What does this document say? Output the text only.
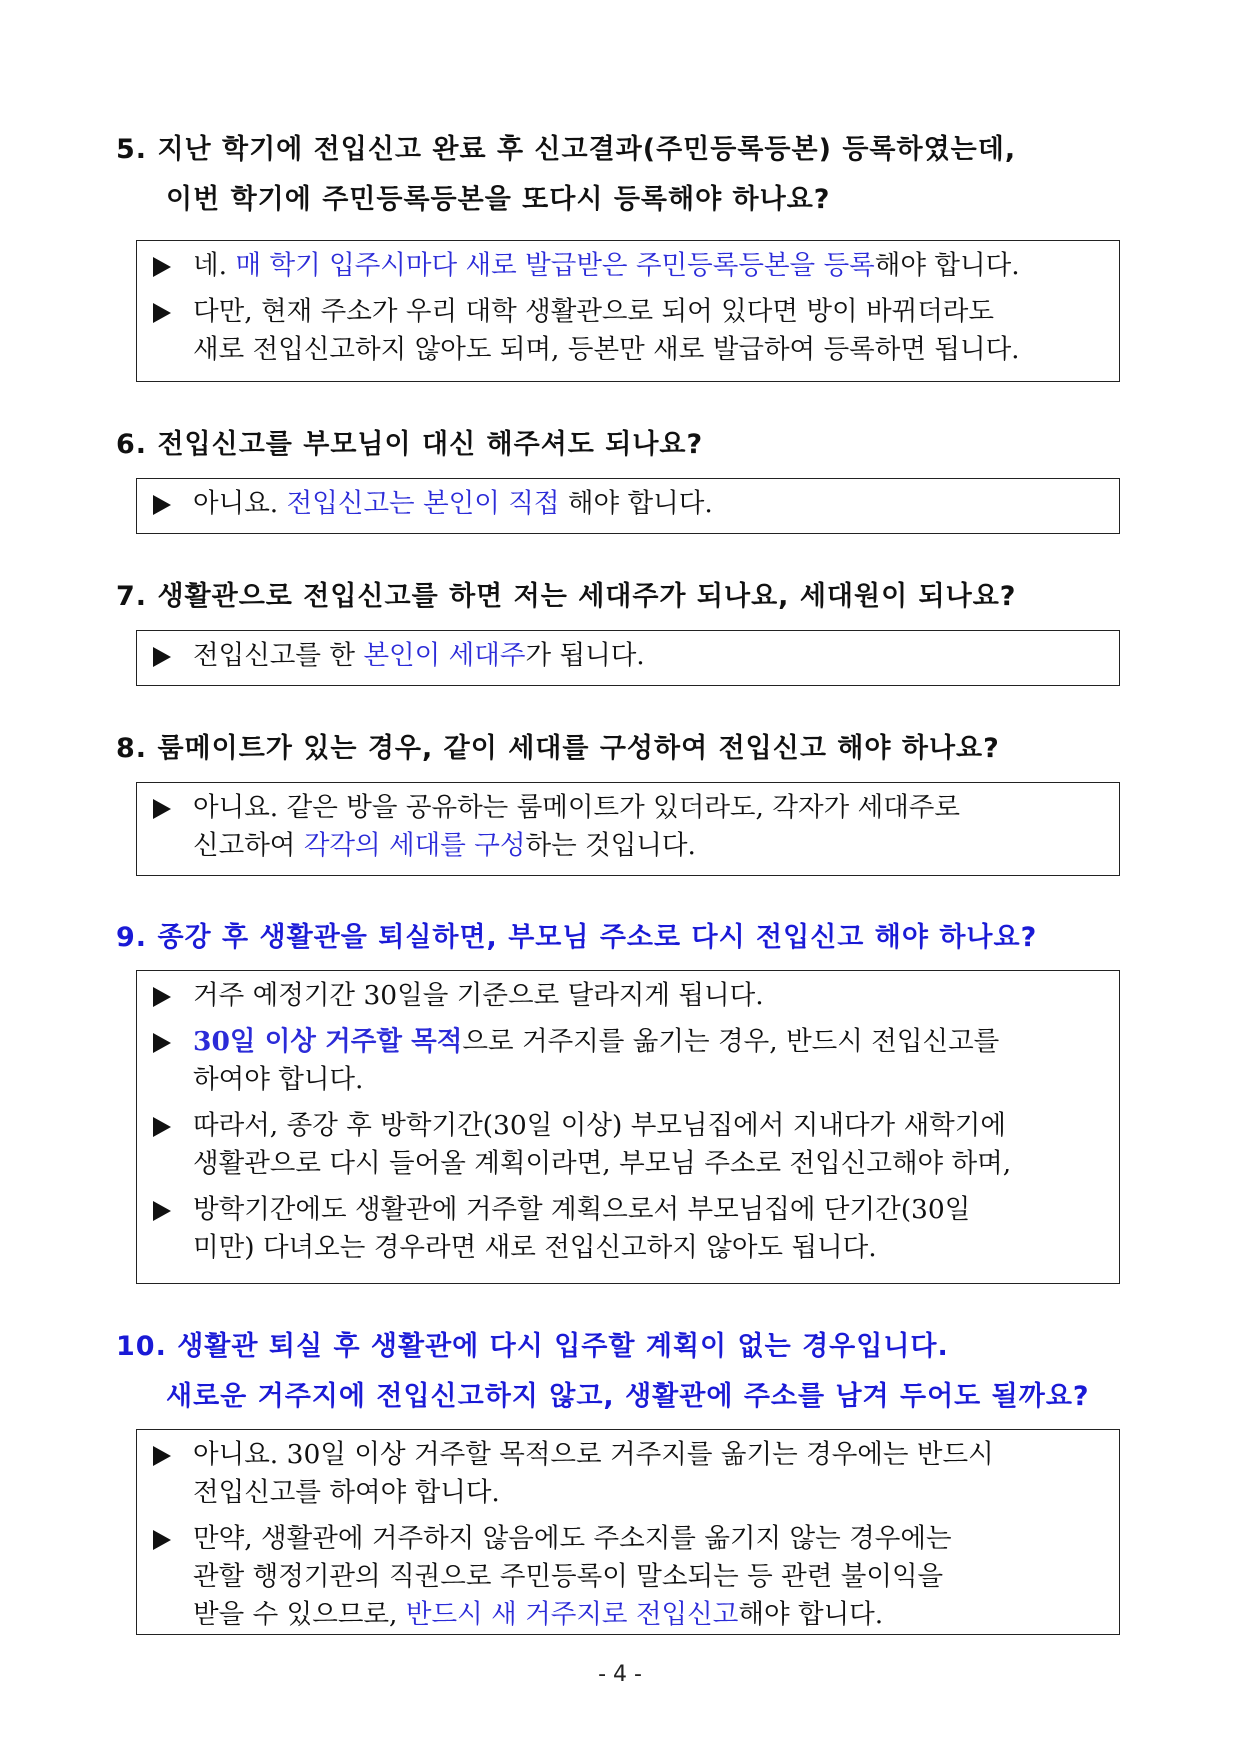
5. 지난 학기에 전입신고 완료 후 신고결과(주민등록등본) 등록하였는데,
이번 학기에 주민등록등본을 또다시 등록해야 하나요?
네. 매 학기 입주시마다 새로 발급받은 주민등록등본을 등록해야 합니다.
다만, 현재 주소가 우리 대학 생활관으로 되어 있다면 방이 바뀌더라도
새로 전입신고하지 않아도 되며, 등본만 새로 발급하여 등록하면 됩니다.
6. 전입신고를 부모님이 대신 해주셔도 되나요?
아니요. 전입신고는 본인이 직접 해야 합니다.
7. 생활관으로 전입신고를 하면 저는 세대주가 되나요, 세대원이 되나요?
전입신고를 한 본인이 세대주가 됩니다.
8. 룸메이트가 있는 경우, 같이 세대를 구성하여 전입신고 해야 하나요?
아니요. 같은 방을 공유하는 룸메이트가 있더라도, 각자가 세대주로
신고하여 각각의 세대를 구성하는 것입니다.
9. 종강 후 생활관을 퇴실하면, 부모님 주소로 다시 전입신고 해야 하나요?
거주 예정기간 30일을 기준으로 달라지게 됩니다.
30일 이상 거주할 목적으로 거주지를 옮기는 경우, 반드시 전입신고를
하여야 합니다.
따라서, 종강 후 방학기간(30일 이상) 부모님집에서 지내다가 새학기에
생활관으로 다시 들어올 계획이라면, 부모님 주소로 전입신고해야 하며,
방학기간에도 생활관에 거주할 계획으로서 부모님집에 단기간(30일
미만) 다녀오는 경우라면 새로 전입신고하지 않아도 됩니다.
10. 생활관 퇴실 후 생활관에 다시 입주할 계획이 없는 경우입니다.
새로운 거주지에 전입신고하지 않고, 생활관에 주소를 남겨 두어도 될까요?
아니요. 30일 이상 거주할 목적으로 거주지를 옮기는 경우에는 반드시
전입신고를 하여야 합니다.
만약, 생활관에 거주하지 않음에도 주소지를 옮기지 않는 경우에는
관할 행정기관의 직권으로 주민등록이 말소되는 등 관련 불이익을
받을 수 있으므로, 반드시 새 거주지로 전입신고해야 합니다.
- 4 -
